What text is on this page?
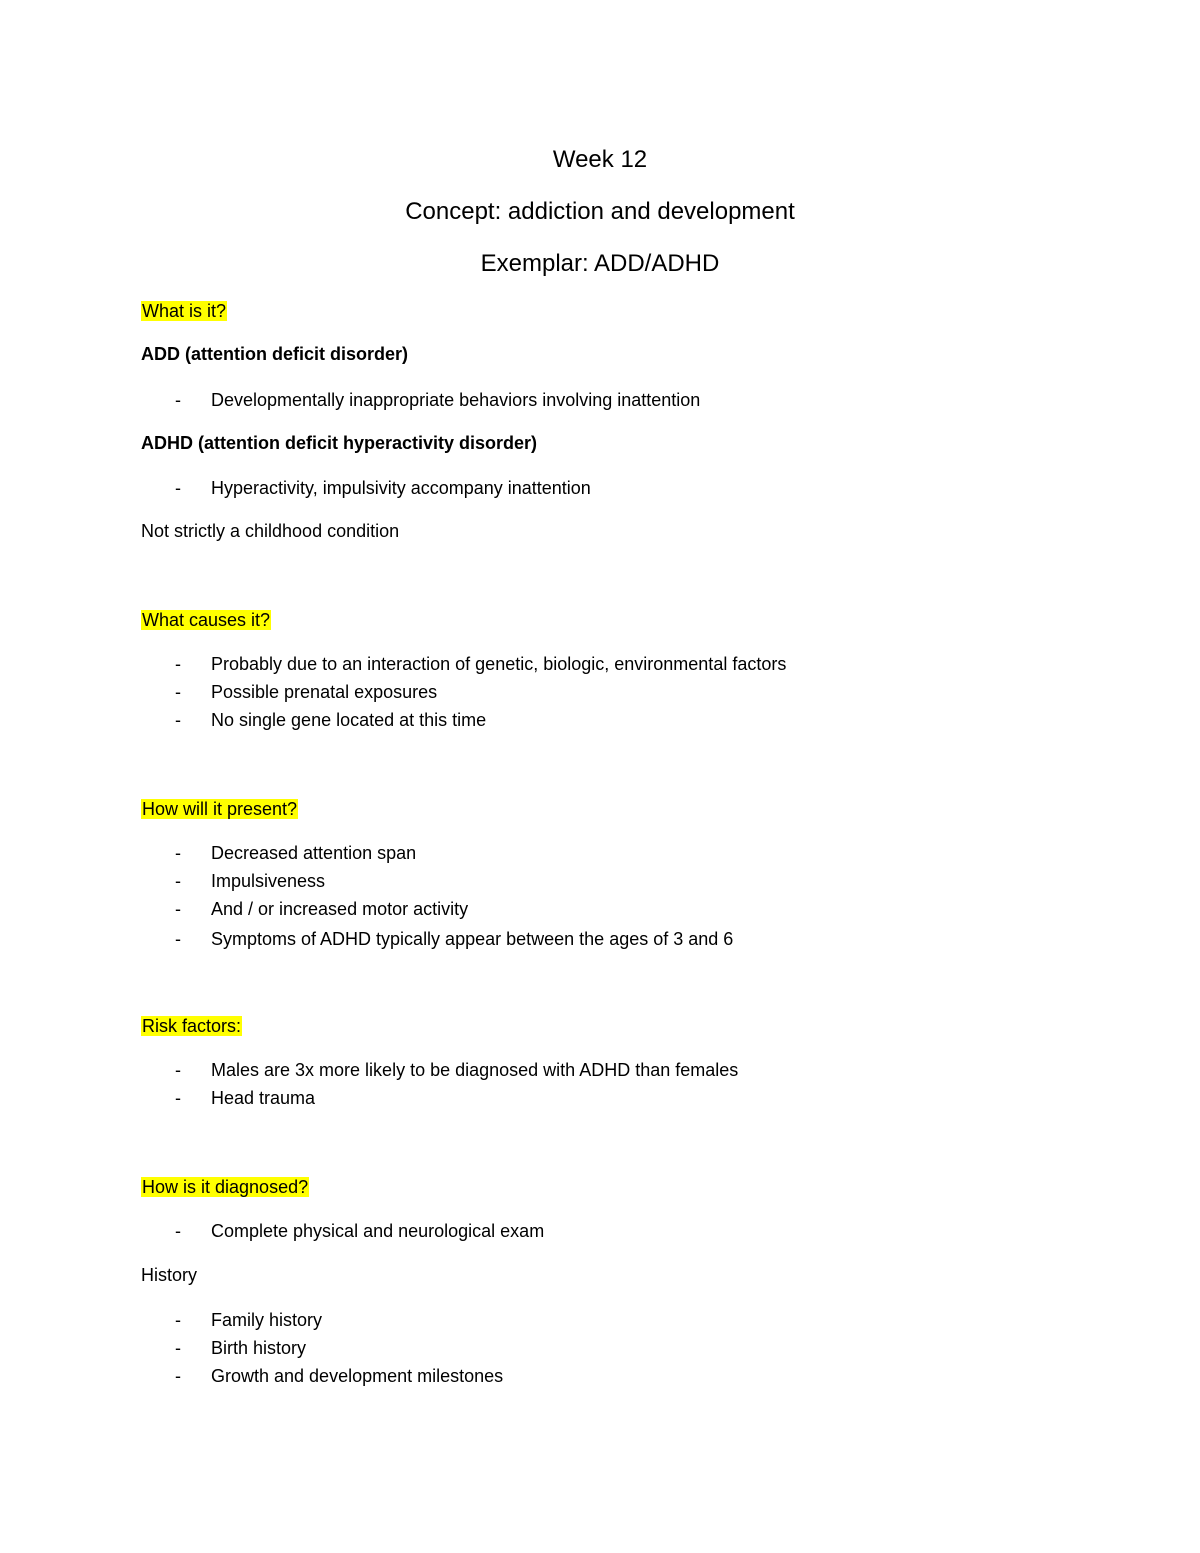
Week 12
Concept: addiction and development
Exemplar: ADD/ADHD
What is it?
ADD (attention deficit disorder)
- Developmentally inappropriate behaviors involving inattention
ADHD (attention deficit hyperactivity disorder)
- Hyperactivity, impulsivity accompany inattention
Not strictly a childhood condition
What causes it?
- Probably due to an interaction of genetic, biologic, environmental factors
- Possible prenatal exposures
- No single gene located at this time
How will it present?
- Decreased attention span
- Impulsiveness
- And / or increased motor activity
- Symptoms of ADHD typically appear between the ages of 3 and 6
Risk factors:
- Males are 3x more likely to be diagnosed with ADHD than females
- Head trauma
How is it diagnosed?
- Complete physical and neurological exam
History
- Family history
- Birth history
- Growth and development milestones
